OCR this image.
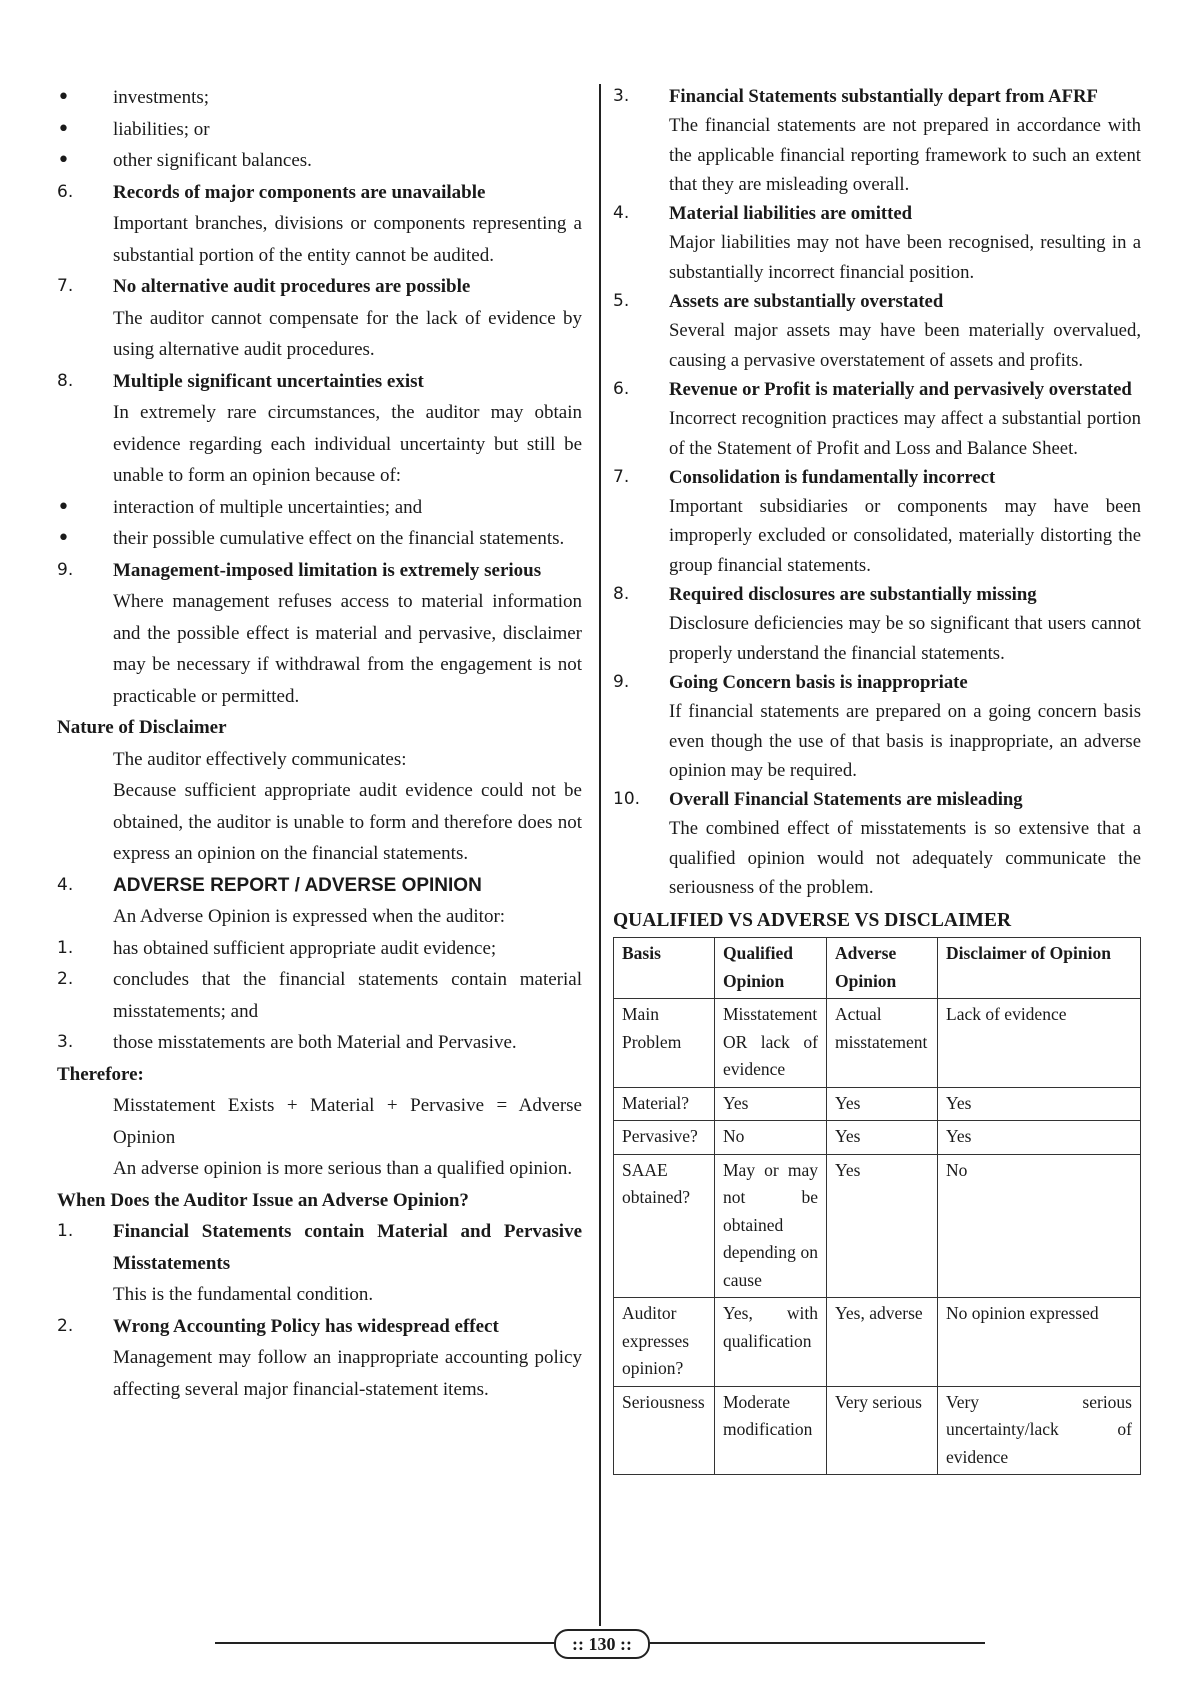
• investments;
• liabilities; or
• other significant balances.
6. Records of major components are unavailable
Important branches, divisions or components representing a substantial portion of the entity cannot be audited.
7. No alternative audit procedures are possible
The auditor cannot compensate for the lack of evidence by using alternative audit procedures.
8. Multiple significant uncertainties exist
In extremely rare circumstances, the auditor may obtain evidence regarding each individual uncertainty but still be unable to form an opinion because of:
• interaction of multiple uncertainties; and
• their possible cumulative effect on the financial statements.
9. Management-imposed limitation is extremely serious
Where management refuses access to material information and the possible effect is material and pervasive, disclaimer may be necessary if withdrawal from the engagement is not practicable or permitted.
Nature of Disclaimer
The auditor effectively communicates:
Because sufficient appropriate audit evidence could not be obtained, the auditor is unable to form and therefore does not express an opinion on the financial statements.
4. ADVERSE REPORT / ADVERSE OPINION
An Adverse Opinion is expressed when the auditor:
1. has obtained sufficient appropriate audit evidence;
2. concludes that the financial statements contain material misstatements; and
3. those misstatements are both Material and Pervasive.
Therefore:
Misstatement Exists + Material + Pervasive = Adverse Opinion
An adverse opinion is more serious than a qualified opinion.
When Does the Auditor Issue an Adverse Opinion?
1. Financial Statements contain Material and Pervasive Misstatements
This is the fundamental condition.
2. Wrong Accounting Policy has widespread effect
Management may follow an inappropriate accounting policy affecting several major financial-statement items.
3. Financial Statements substantially depart from AFRF
The financial statements are not prepared in accordance with the applicable financial reporting framework to such an extent that they are misleading overall.
4. Material liabilities are omitted
Major liabilities may not have been recognised, resulting in a substantially incorrect financial position.
5. Assets are substantially overstated
Several major assets may have been materially overvalued, causing a pervasive overstatement of assets and profits.
6. Revenue or Profit is materially and pervasively overstated
Incorrect recognition practices may affect a substantial portion of the Statement of Profit and Loss and Balance Sheet.
7. Consolidation is fundamentally incorrect
Important subsidiaries or components may have been improperly excluded or consolidated, materially distorting the group financial statements.
8. Required disclosures are substantially missing
Disclosure deficiencies may be so significant that users cannot properly understand the financial statements.
9. Going Concern basis is inappropriate
If financial statements are prepared on a going concern basis even though the use of that basis is inappropriate, an adverse opinion may be required.
10. Overall Financial Statements are misleading
The combined effect of misstatements is so extensive that a qualified opinion would not adequately communicate the seriousness of the problem.
QUALIFIED VS ADVERSE VS DISCLAIMER
Basis	Qualified Opinion	Adverse Opinion	Disclaimer of Opinion
Main Problem	Misstatement OR lack of evidence	Actual misstatement	Lack of evidence
Material?	Yes	Yes	Yes
Pervasive?	No	Yes	Yes
SAAE obtained?	May or may not be obtained depending on cause	Yes	No
Auditor expresses opinion?	Yes, with qualification	Yes, adverse	No opinion expressed
Seriousness	Moderate modification	Very serious	Very serious uncertainty/lack of evidence
:: 130 ::
